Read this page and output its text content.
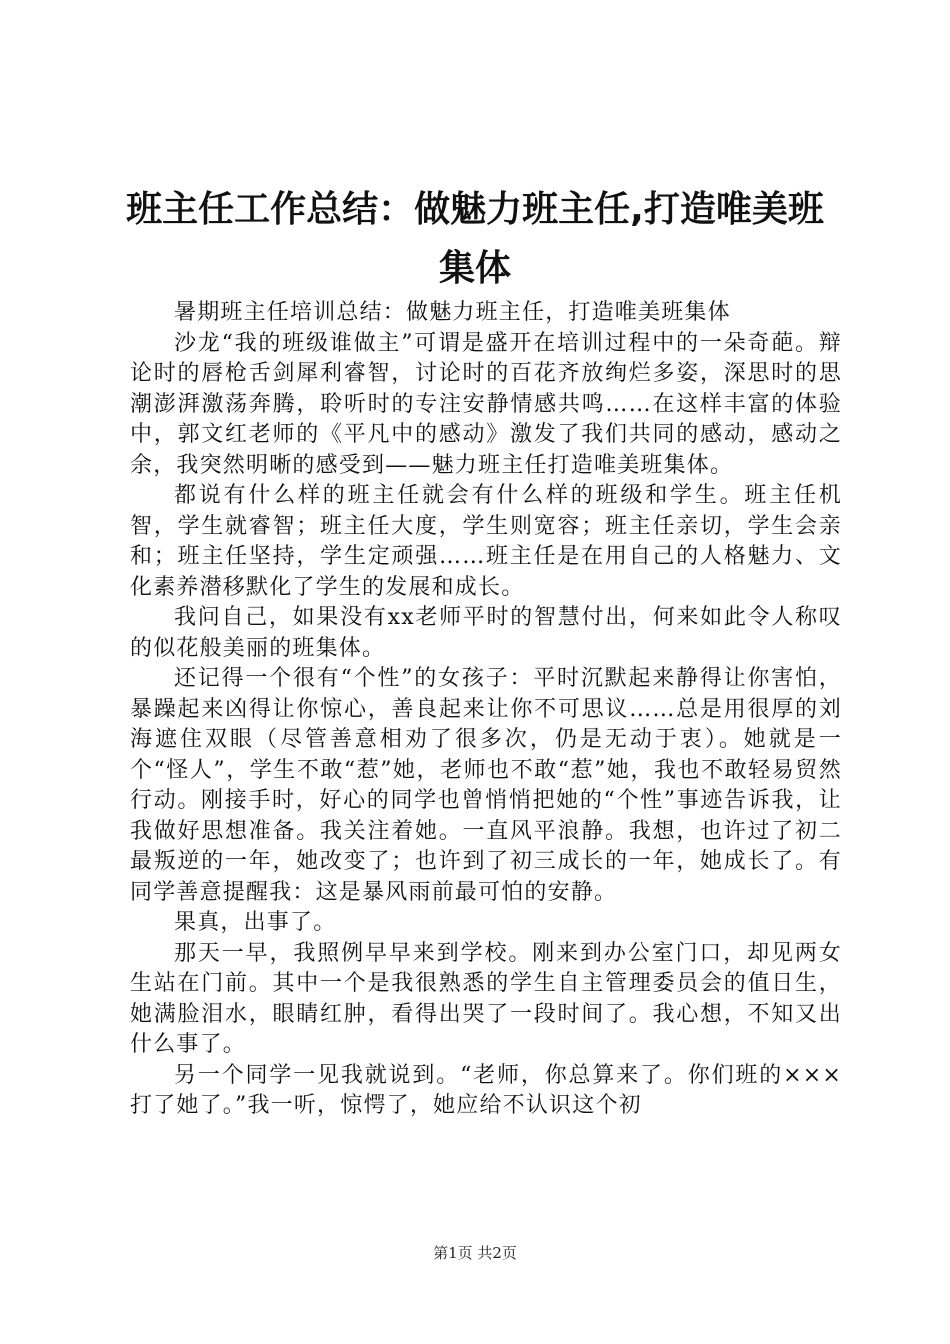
班主任工作总结：做魅力班主任,打造唯美班集体

暑期班主任培训总结：做魅力班主任，打造唯美班集体

沙龙“我的班级谁做主”可谓是盛开在培训过程中的一朵奇葩。辩论时的唇枪舌剑犀利睿智，讨论时的百花齐放绚烂多姿，深思时的思潮澎湃激荡奔腾，聆听时的专注安静情感共鸣……在这样丰富的体验中，郭文红老师的《平凡中的感动》激发了我们共同的感动，感动之余，我突然明晰的感受到——魅力班主任打造唯美班集体。

都说有什么样的班主任就会有什么样的班级和学生。班主任机智，学生就睿智；班主任大度，学生则宽容；班主任亲切，学生会亲和；班主任坚持，学生定顽强……班主任是在用自己的人格魅力、文化素养潜移默化了学生的发展和成长。

我问自己，如果没有xx老师平时的智慧付出，何来如此令人称叹的似花般美丽的班集体。

还记得一个很有“个性”的女孩子：平时沉默起来静得让你害怕，暴躁起来凶得让你惊心，善良起来让你不可思议……总是用很厚的刘海遮住双眼（尽管善意相劝了很多次，仍是无动于衷）。她就是一个“怪人”，学生不敢“惹”她，老师也不敢“惹”她，我也不敢轻易贸然行动。刚接手时，好心的同学也曾悄悄把她的“个性”事迹告诉我，让我做好思想准备。我关注着她。一直风平浪静。我想，也许过了初二最叛逆的一年，她改变了；也许到了初三成长的一年，她成长了。有同学善意提醒我：这是暴风雨前最可怕的安静。

果真，出事了。

那天一早，我照例早早来到学校。刚来到办公室门口，却见两女生站在门前。其中一个是我很熟悉的学生自主管理委员会的值日生，她满脸泪水，眼睛红肿，看得出哭了一段时间了。我心想，不知又出什么事了。

另一个同学一见我就说到。“老师，你总算来了。你们班的×××打了她了。”我一听，惊愕了，她应给不认识这个初

第1页 共2页
